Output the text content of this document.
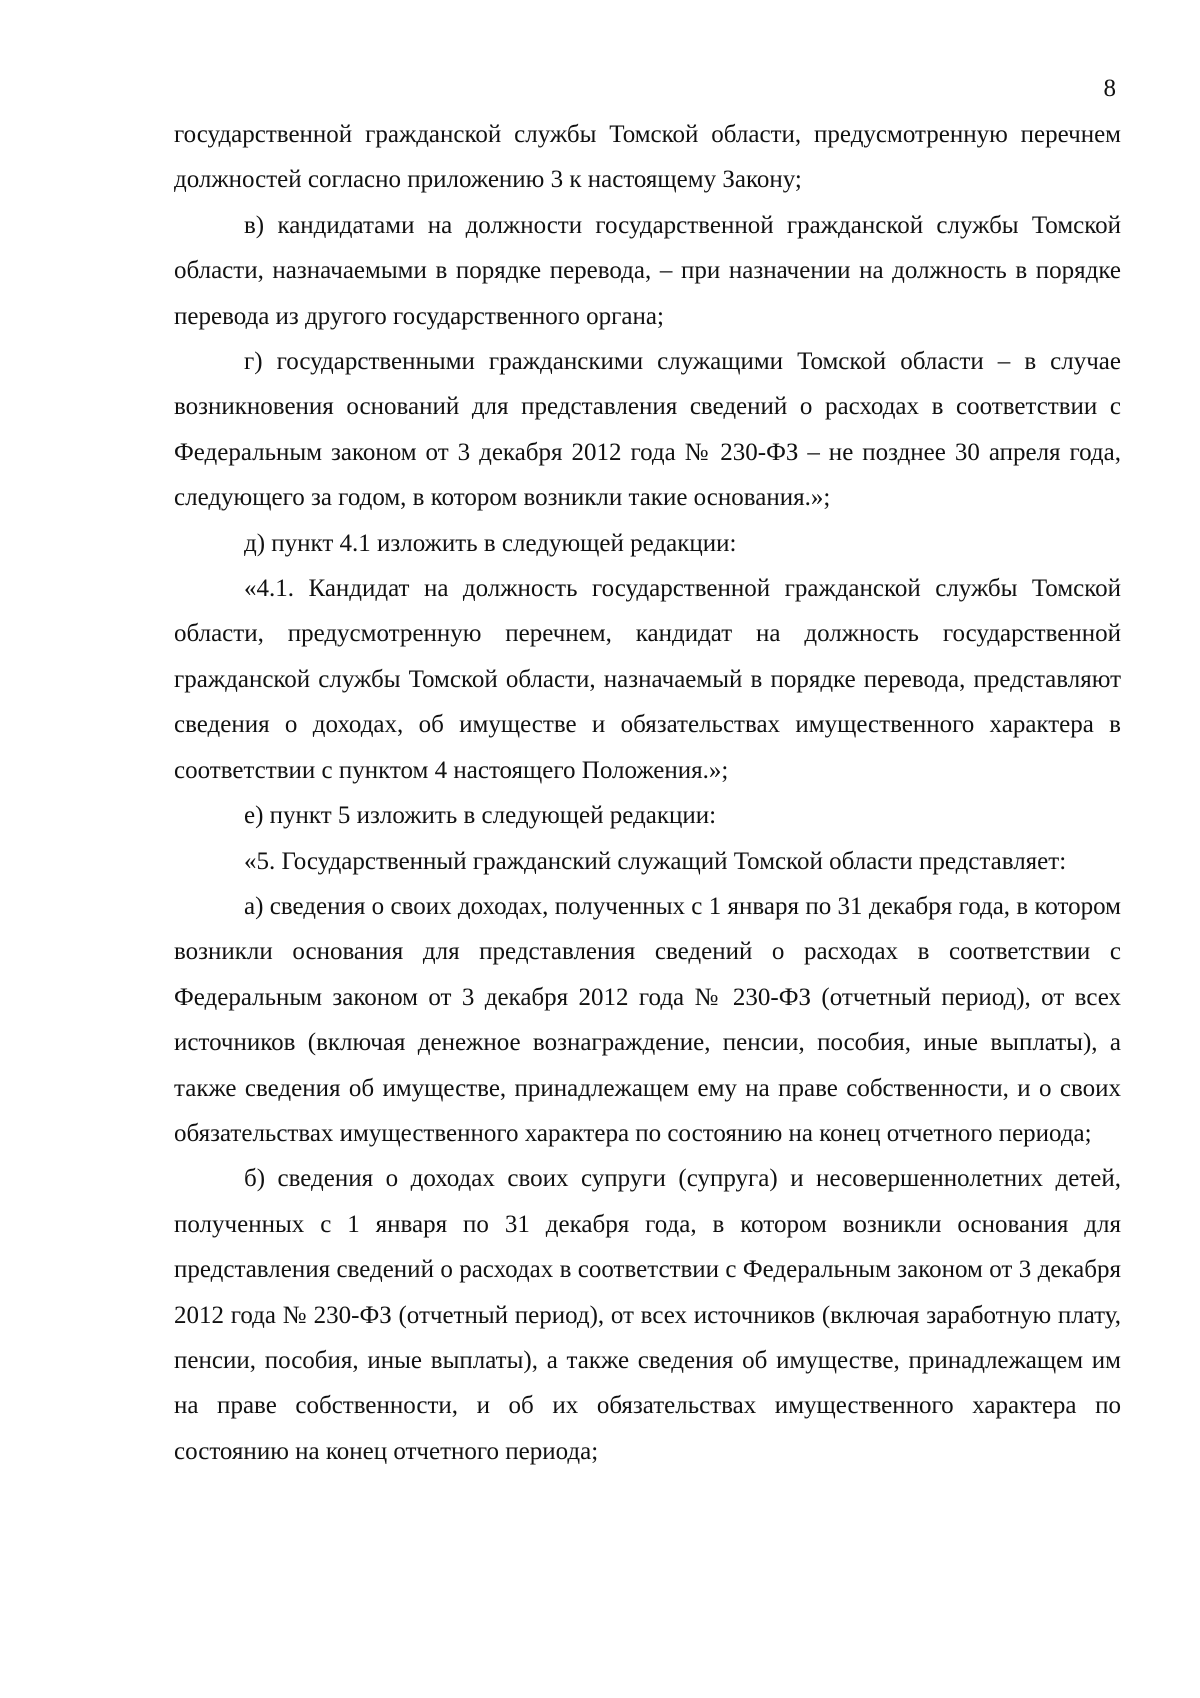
8

государственной гражданской службы Томской области, предусмотренную перечнем должностей согласно приложению 3 к настоящему Закону;

в) кандидатами на должности государственной гражданской службы Томской области, назначаемыми в порядке перевода, – при назначении на должность в порядке перевода из другого государственного органа;

г) государственными гражданскими служащими Томской области – в случае возникновения оснований для представления сведений о расходах в соответствии с Федеральным законом от 3 декабря 2012 года № 230-ФЗ – не позднее 30 апреля года, следующего за годом, в котором возникли такие основания.»;

д) пункт 4.1 изложить в следующей редакции:

«4.1. Кандидат на должность государственной гражданской службы Томской области, предусмотренную перечнем, кандидат на должность государственной гражданской службы Томской области, назначаемый в порядке перевода, представляют сведения о доходах, об имуществе и обязательствах имущественного характера в соответствии с пунктом 4 настоящего Положения.»;

е) пункт 5 изложить в следующей редакции:

«5. Государственный гражданский служащий Томской области представляет:

а) сведения о своих доходах, полученных с 1 января по 31 декабря года, в котором возникли основания для представления сведений о расходах в соответствии с Федеральным законом от 3 декабря 2012 года № 230-ФЗ (отчетный период), от всех источников (включая денежное вознаграждение, пенсии, пособия, иные выплаты), а также сведения об имуществе, принадлежащем ему на праве собственности, и о своих обязательствах имущественного характера по состоянию на конец отчетного периода;

б) сведения о доходах своих супруги (супруга) и несовершеннолетних детей, полученных с 1 января по 31 декабря года, в котором возникли основания для представления сведений о расходах в соответствии с Федеральным законом от 3 декабря 2012 года № 230-ФЗ (отчетный период), от всех источников (включая заработную плату, пенсии, пособия, иные выплаты), а также сведения об имуществе, принадлежащем им на праве собственности, и об их обязательствах имущественного характера по состоянию на конец отчетного периода;
